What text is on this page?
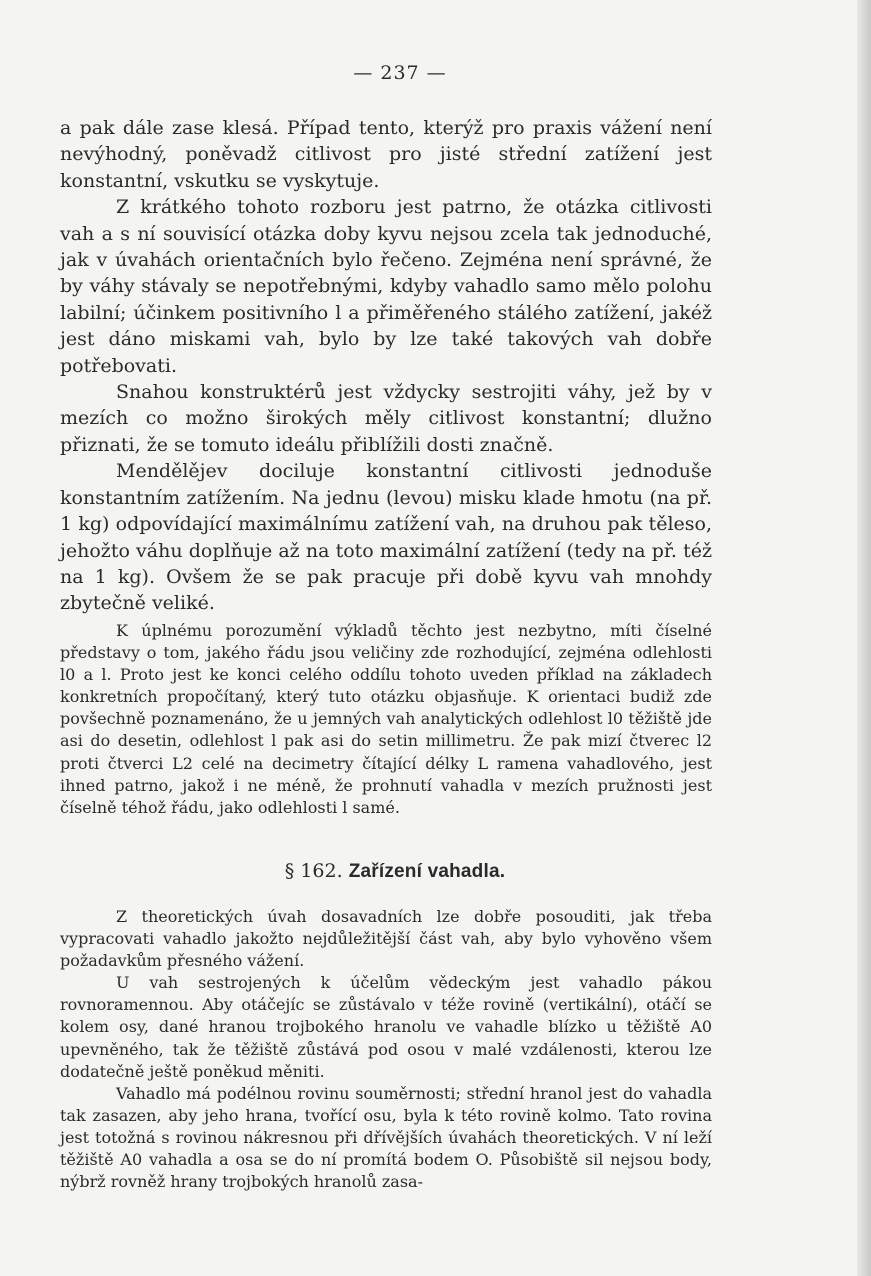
— 237 —

a pak dále zase klesá. Případ tento, kterýž pro praxis vážení není nevýhodný, poněvadž citlivost pro jisté střední zatížení jest konstantní, vskutku se vyskytuje.

Z krátkého tohoto rozboru jest patrno, že otázka citlivosti vah a s ní souvisící otázka doby kyvu nejsou zcela tak jednoduché, jak v úvahách orientačních bylo řečeno. Zejména není správné, že by váhy stávaly se nepotřebnými, kdyby vahadlo samo mělo polohu labilní; účinkem positivního l a přiměřeného stálého zatížení, jakéž jest dáno miskami vah, bylo by lze také takových vah dobře potřebovati.

Snahou konstruktérů jest vždycky sestrojiti váhy, jež by v mezích co možno širokých měly citlivost konstantní; dlužno přiznati, že se tomuto ideálu přiblížili dosti značně.

Mendělějev dociluje konstantní citlivosti jednoduše konstantním zatížením. Na jednu (levou) misku klade hmotu (na př. 1 kg) odpovídající maximálnímu zatížení vah, na druhou pak těleso, jehožto váhu doplňuje až na toto maximální zatížení (tedy na př. též na 1 kg). Ovšem že se pak pracuje při době kyvu vah mnohdy zbytečně veliké.

K úplnému porozumění výkladů těchto jest nezbytno, míti číselné představy o tom, jakého řádu jsou veličiny zde rozhodující, zejména odlehlosti l0 a l. Proto jest ke konci celého oddílu tohoto uveden příklad na základech konkretních propočítaný, který tuto otázku objasňuje. K orientaci budiž zde povšechně poznamenáno, že u jemných vah analytických odlehlost l0 těžiště jde asi do desetin, odlehlost l pak asi do setin millimetru. Že pak mizí čtverec l2 proti čtverci L2 celé na decimetry čítající délky L ramena vahadlového, jest ihned patrno, jakož i ne méně, že prohnutí vahadla v mezích pružnosti jest číselně téhož řádu, jako odlehlosti l samé.

§ 162. Zařízení vahadla.

Z theoretických úvah dosavadních lze dobře posouditi, jak třeba vypracovati vahadlo jakožto nejdůležitější část vah, aby bylo vyhověno všem požadavkům přesného vážení.

U vah sestrojených k účelům vědeckým jest vahadlo pákou rovnoramennou. Aby otáčejíc se zůstávalo v téže rovině (vertikální), otáčí se kolem osy, dané hranou trojbokého hranolu ve vahadle blízko u těžiště A0 upevněného, tak že těžiště zůstává pod osou v malé vzdálenosti, kterou lze dodatečně ještě poněkud měniti.

Vahadlo má podélnou rovinu souměrnosti; střední hranol jest do vahadla tak zasazen, aby jeho hrana, tvořící osu, byla k této rovině kolmo. Tato rovina jest totožná s rovinou nákresnou při dřívějších úvahách theoretických. V ní leží těžiště A0 vahadla a osa se do ní promítá bodem O. Působiště sil nejsou body, nýbrž rovněž hrany trojbokých hranolů zasa-
